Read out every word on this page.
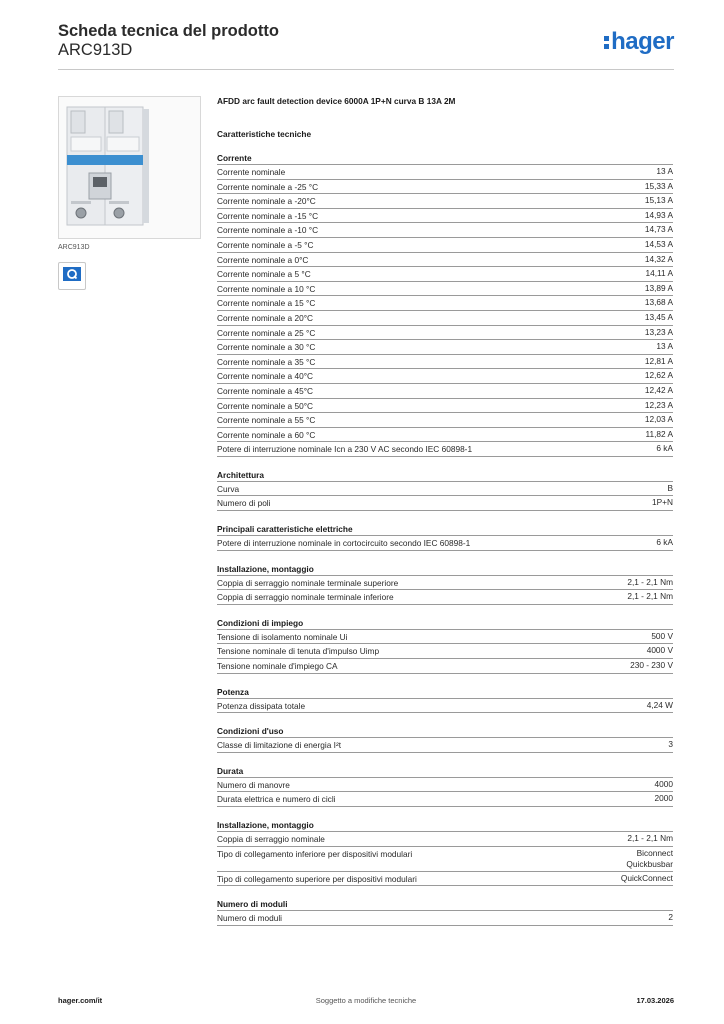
Scheda tecnica del prodotto
ARC913D	hager
ARC913D
AFDD arc fault detection device 6000A 1P+N curva B 13A 2M
Caratteristiche tecniche
Corrente
Corrente nominale	13 A
Corrente nominale a -25 °C	15,33 A
Corrente nominale a -20°C	15,13 A
Corrente nominale a -15 °C	14,93 A
Corrente nominale a -10 °C	14,73 A
Corrente nominale a -5 °C	14,53 A
Corrente nominale a 0°C	14,32 A
Corrente nominale a 5 °C	14,11 A
Corrente nominale a 10 °C	13,89 A
Corrente nominale a 15 °C	13,68 A
Corrente nominale a 20°C	13,45 A
Corrente nominale a 25 °C	13,23 A
Corrente nominale a 30 °C	13 A
Corrente nominale a 35 °C	12,81 A
Corrente nominale a 40°C	12,62 A
Corrente nominale a 45°C	12,42 A
Corrente nominale a 50°C	12,23 A
Corrente nominale a 55 °C	12,03 A
Corrente nominale a 60 °C	11,82 A
Potere di interruzione nominale Icn a 230 V AC secondo IEC 60898-1	6 kA
Architettura
Curva	B
Numero di poli	1P+N
Principali caratteristiche elettriche
Potere di interruzione nominale in cortocircuito secondo IEC 60898-1	6 kA
Installazione, montaggio
Coppia di serraggio nominale terminale superiore	2,1 - 2,1 Nm
Coppia di serraggio nominale terminale inferiore	2,1 - 2,1 Nm
Condizioni di impiego
Tensione di isolamento nominale Ui	500 V
Tensione nominale di tenuta d'impulso Uimp	4000 V
Tensione nominale d'impiego CA	230 - 230 V
Potenza
Potenza dissipata totale	4,24 W
Condizioni d'uso
Classe di limitazione di energia I²t	3
Durata
Numero di manovre	4000
Durata elettrica e numero di cicli	2000
Installazione, montaggio
Coppia di serraggio nominale	2,1 - 2,1 Nm
Tipo di collegamento inferiore per dispositivi modulari	Biconnect
Quickbusbar
Tipo di collegamento superiore per dispositivi modulari	QuickConnect
Numero di moduli
Numero di moduli	2
hager.com/it	Soggetto a modifiche tecniche	17.03.2026
